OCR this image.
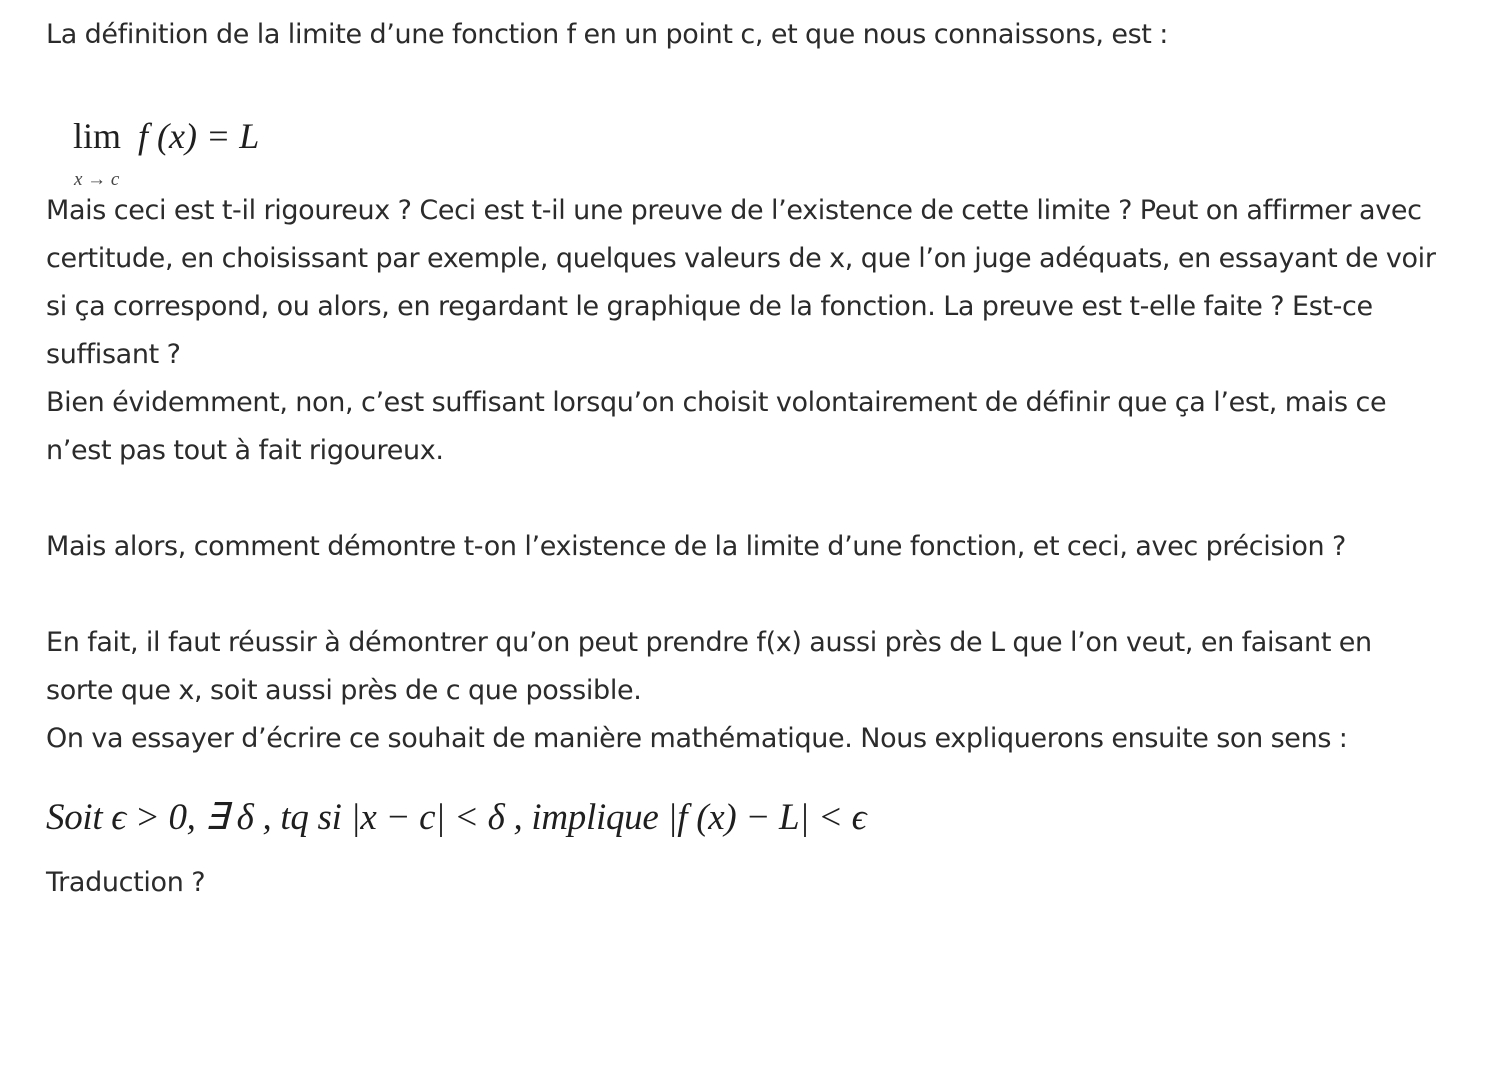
La définition de la limite d’une fonction f en un point c, et que nous connaissons, est :

lim f (x) = L
x → c

Mais ceci est t-il rigoureux ? Ceci est t-il une preuve de l’existence de cette limite ? Peut on affirmer avec certitude, en choisissant par exemple, quelques valeurs de x, que l’on juge adéquats, en essayant de voir si ça correspond, ou alors, en regardant le graphique de la fonction. La preuve est t-elle faite ? Est-ce suffisant ?

Bien évidemment, non, c’est suffisant lorsqu’on choisit volontairement de définir que ça l’est, mais ce n’est pas tout à fait rigoureux.

Mais alors, comment démontre t-on l’existence de la limite d’une fonction, et ceci, avec précision ?

En fait, il faut réussir à démontrer qu’on peut prendre f(x) aussi près de L que l’on veut, en faisant en sorte que x, soit aussi près de c que possible.

On va essayer d’écrire ce souhait de manière mathématique. Nous expliquerons ensuite son sens :

Soit ϵ > 0, ∃ δ , tq si |x − c| < δ , implique |f (x) − L| < ϵ

Traduction ?
